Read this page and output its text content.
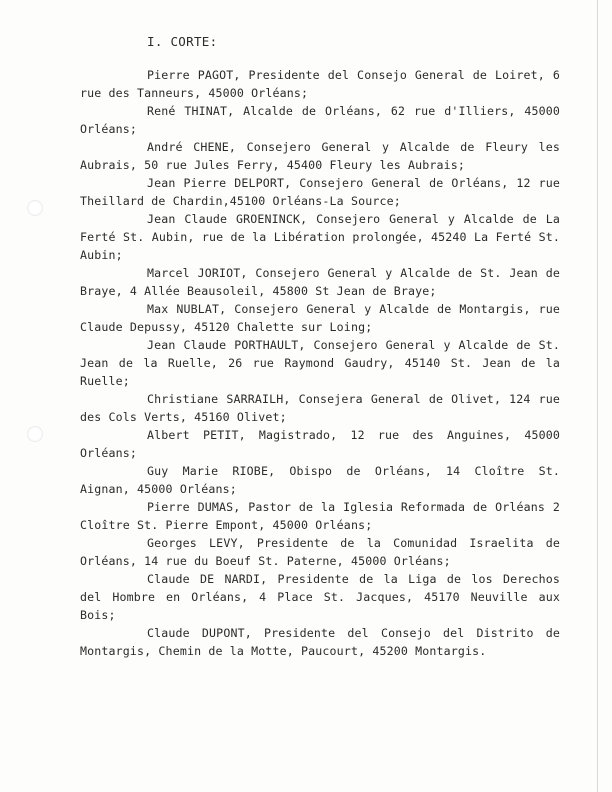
I. CORTE:

Pierre PAGOT, Presidente del Consejo General de Loiret, 6 rue des Tanneurs, 45000 Orléans;

René THINAT, Alcalde de Orléans, 62 rue d'Illiers, 45000 Orléans;

André CHENE, Consejero General y Alcalde de Fleury les Aubrais, 50 rue Jules Ferry, 45400 Fleury les Aubrais;

Jean Pierre DELPORT, Consejero General de Orléans, 12 rue Theillard de Chardin,45100 Orléans-La Source;

Jean Claude GROENINCK, Consejero General y Alcalde de La Ferté St. Aubin, rue de la Libération prolongée, 45240 La Ferté St. Aubin;

Marcel JORIOT, Consejero General y Alcalde de St. Jean de Braye, 4 Allée Beausoleil, 45800 St Jean de Braye;

Max NUBLAT, Consejero General y Alcalde de Montargis, rue Claude Depussy, 45120 Chalette sur Loing;

Jean Claude PORTHAULT, Consejero General y Alcalde de St. Jean de la Ruelle, 26 rue Raymond Gaudry, 45140 St. Jean de la Ruelle;

Christiane SARRAILH, Consejera General de Olivet, 124 rue des Cols Verts, 45160 Olivet;

Albert PETIT, Magistrado, 12 rue des Anguines, 45000 Orléans;

Guy Marie RIOBE, Obispo de Orléans, 14 Cloître St. Aignan, 45000 Orléans;

Pierre DUMAS, Pastor de la Iglesia Reformada de Orléans 2 Cloître St. Pierre Empont, 45000 Orléans;

Georges LEVY, Presidente de la Comunidad Israelita de Orléans, 14 rue du Boeuf St. Paterne, 45000 Orléans;

Claude DE NARDI, Presidente de la Liga de los Derechos del Hombre en Orléans, 4 Place St. Jacques, 45170 Neuville aux Bois;

Claude DUPONT, Presidente del Consejo del Distrito de Montargis, Chemin de la Motte, Paucourt, 45200 Montargis.
